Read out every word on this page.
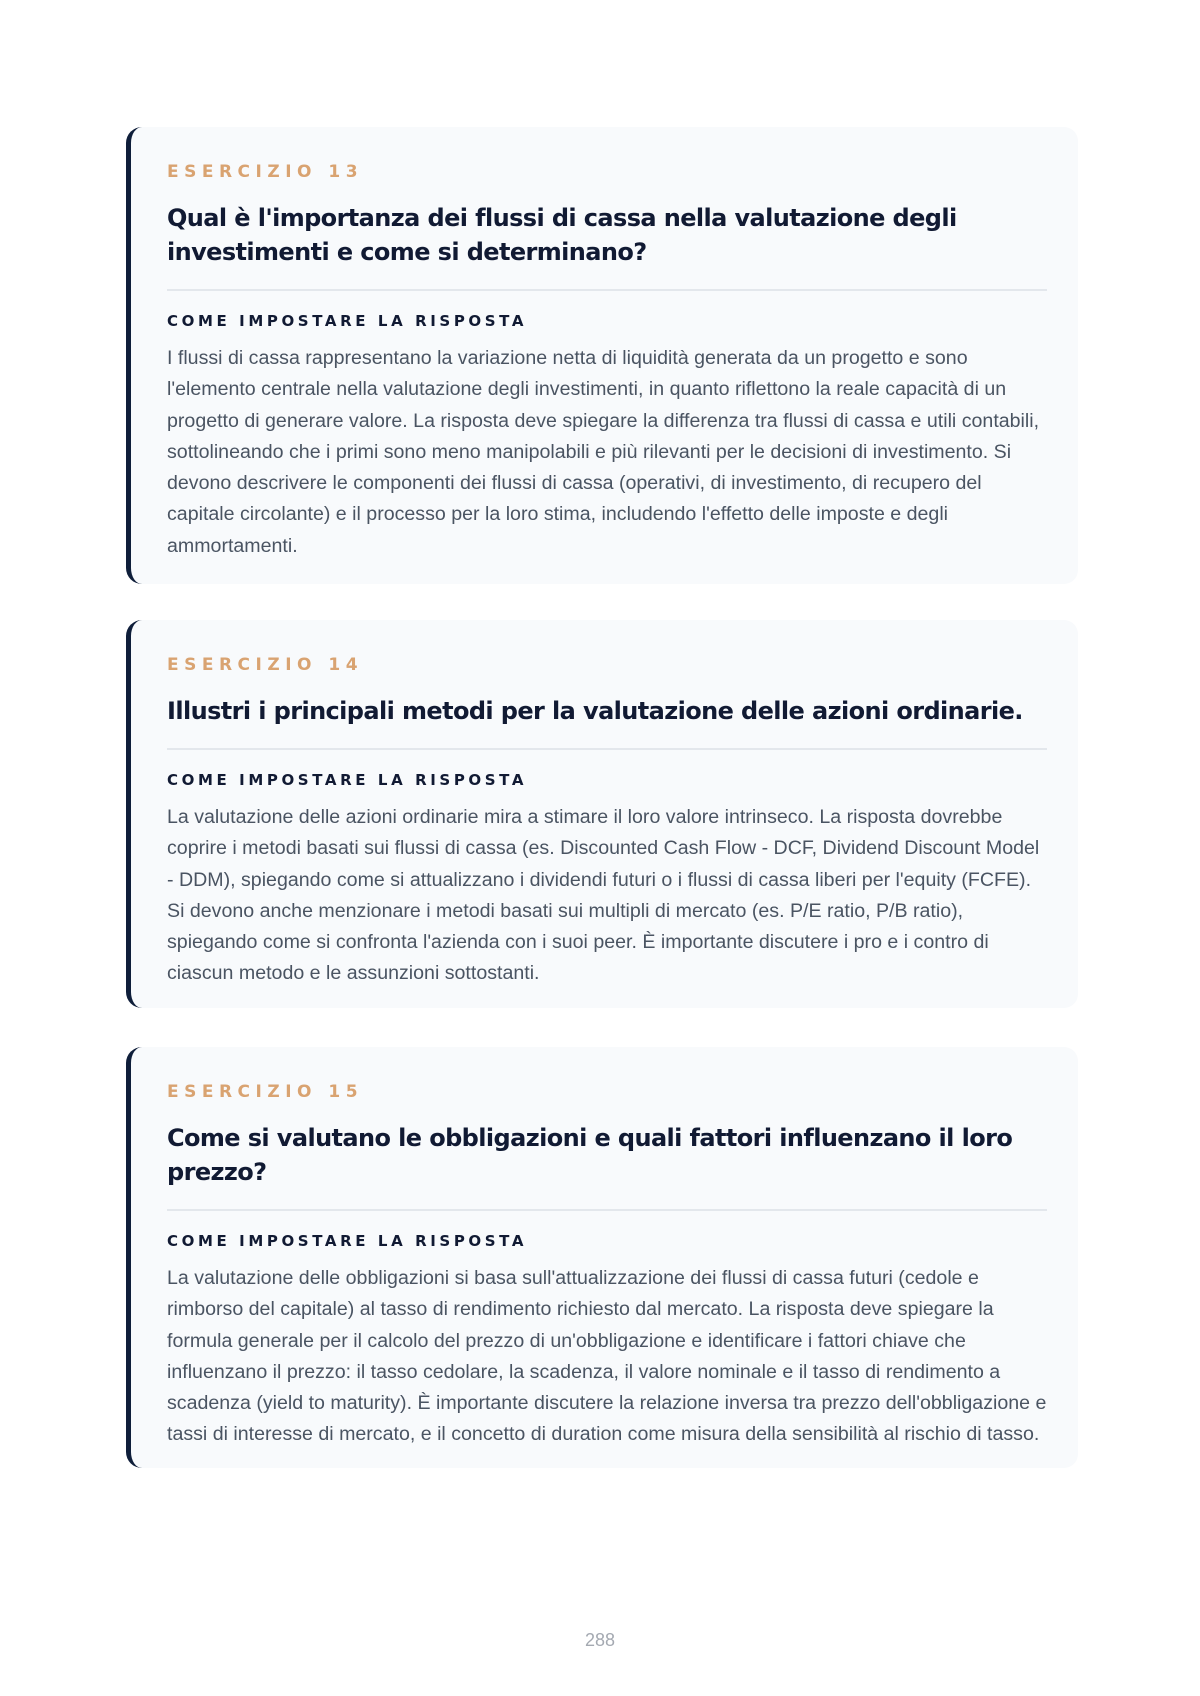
ESERCIZIO 13
Qual è l'importanza dei flussi di cassa nella valutazione degli investimenti e come si determinano?
COME IMPOSTARE LA RISPOSTA

I flussi di cassa rappresentano la variazione netta di liquidità generata da un progetto e sono l'elemento centrale nella valutazione degli investimenti, in quanto riflettono la reale capacità di un progetto di generare valore. La risposta deve spiegare la differenza tra flussi di cassa e utili contabili, sottolineando che i primi sono meno manipolabili e più rilevanti per le decisioni di investimento. Si devono descrivere le componenti dei flussi di cassa (operativi, di investimento, di recupero del capitale circolante) e il processo per la loro stima, includendo l'effetto delle imposte e degli ammortamenti.

ESERCIZIO 14
Illustri i principali metodi per la valutazione delle azioni ordinarie.
COME IMPOSTARE LA RISPOSTA

La valutazione delle azioni ordinarie mira a stimare il loro valore intrinseco. La risposta dovrebbe coprire i metodi basati sui flussi di cassa (es. Discounted Cash Flow - DCF, Dividend Discount Model - DDM), spiegando come si attualizzano i dividendi futuri o i flussi di cassa liberi per l'equity (FCFE). Si devono anche menzionare i metodi basati sui multipli di mercato (es. P/E ratio, P/B ratio), spiegando come si confronta l'azienda con i suoi peer. È importante discutere i pro e i contro di ciascun metodo e le assunzioni sottostanti.

ESERCIZIO 15
Come si valutano le obbligazioni e quali fattori influenzano il loro prezzo?
COME IMPOSTARE LA RISPOSTA

La valutazione delle obbligazioni si basa sull'attualizzazione dei flussi di cassa futuri (cedole e rimborso del capitale) al tasso di rendimento richiesto dal mercato. La risposta deve spiegare la formula generale per il calcolo del prezzo di un'obbligazione e identificare i fattori chiave che influenzano il prezzo: il tasso cedolare, la scadenza, il valore nominale e il tasso di rendimento a scadenza (yield to maturity). È importante discutere la relazione inversa tra prezzo dell'obbligazione e tassi di interesse di mercato, e il concetto di duration come misura della sensibilità al rischio di tasso.

288
